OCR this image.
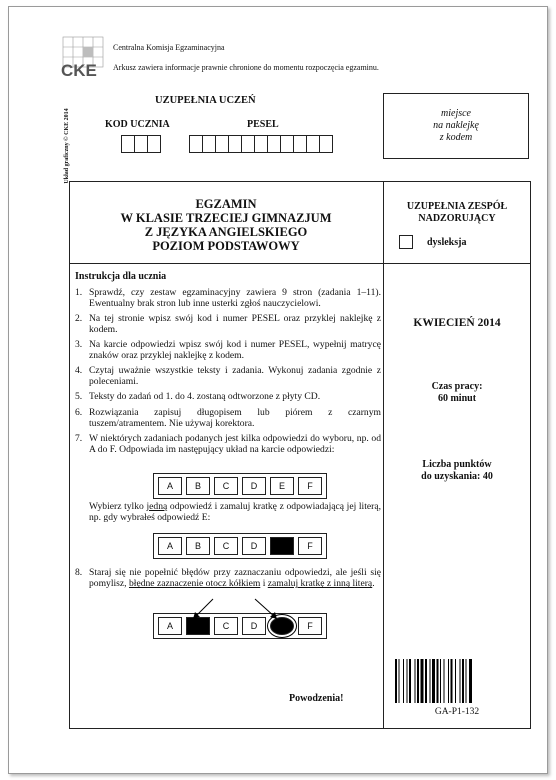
CKE
Centralna Komisja Egzaminacyjna
Arkusz zawiera informacje prawnie chronione do momentu rozpoczęcia egzaminu.
Układ graficzny © CKE 2014
UZUPEŁNIA UCZEŃ
KOD UCZNIA	PESEL
miejsce
na naklejkę
z kodem
EGZAMIN
W KLASIE TRZECIEJ GIMNAZJUM
Z JĘZYKA ANGIELSKIEGO
POZIOM PODSTAWOWY
Instrukcja dla ucznia
1. Sprawdź, czy zestaw egzaminacyjny zawiera 9 stron (zadania 1–11). Ewentualny brak stron lub inne usterki zgłoś nauczycielowi.
2. Na tej stronie wpisz swój kod i numer PESEL oraz przyklej naklejkę z kodem.
3. Na karcie odpowiedzi wpisz swój kod i numer PESEL, wypełnij matrycę znaków oraz przyklej naklejkę z kodem.
4. Czytaj uważnie wszystkie teksty i zadania. Wykonuj zadania zgodnie z poleceniami.
5. Teksty do zadań od 1. do 4. zostaną odtworzone z płyty CD.
6. Rozwiązania zapisuj długopisem lub piórem z czarnym tuszem/atramentem. Nie używaj korektora.
7. W niektórych zadaniach podanych jest kilka odpowiedzi do wyboru, np. od A do F. Odpowiada im następujący układ na karcie odpowiedzi:
A	B	C	D	E	F
Wybierz tylko jedną odpowiedź i zamaluj kratkę z odpowiadającą jej literą, np. gdy wybrałeś odpowiedź E:
A	B	C	D	F
8. Staraj się nie popełnić błędów przy zaznaczaniu odpowiedzi, ale jeśli się pomylisz, błędne zaznaczenie otocz kółkiem i zamaluj kratkę z inną literą.
A	C	D	F
Powodzenia!
UZUPEŁNIA ZESPÓŁ
NADZORUJĄCY
dysleksja
KWIECIEŃ 2014
Czas pracy:
60 minut
Liczba punktów
do uzyskania: 40
GA-P1-132
